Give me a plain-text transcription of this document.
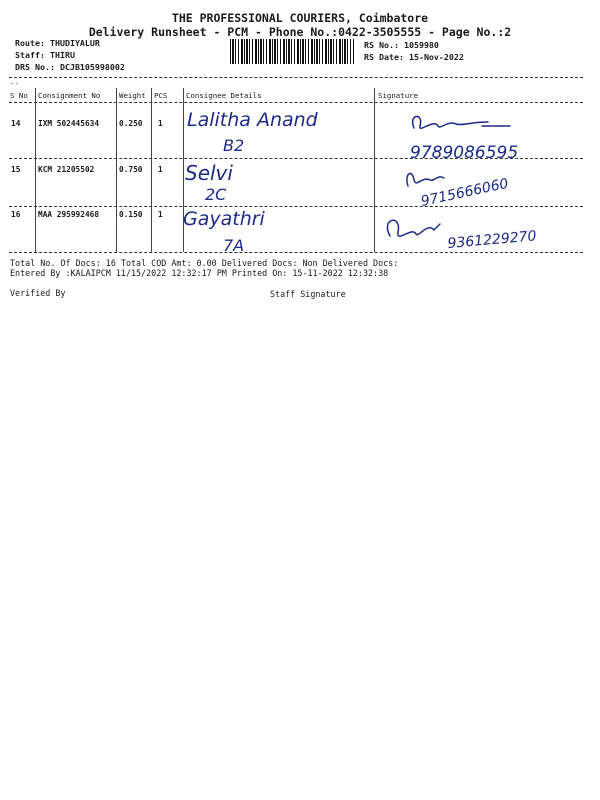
THE PROFESSIONAL COURIERS, Coimbatore
Delivery Runsheet - PCM - Phone No.:0422-3505555 - Page No.:2
Route: THUDIYALUR
Staff: THIRU
DRS No.: DCJB105998002
RS No.: 1059980
RS Date: 15-Nov-2022
--
S No Consignment No	Weight PCS	Consignee Details	Signature
14 IXM 502445634	0.250 1 Lalitha Anand
B2	9789086595
15 KCM 21205502	0.750 1 Selvi
2C	9715666060
16 MAA 295992468	0.150 1 Gayathri
7A	9361229270
Total No. Of Docs: 16 Total COD Amt: 0.00 Delivered Docs: Non Delivered Docs:
Entered By :KALAIPCM 11/15/2022 12:32:17 PM Printed On: 15-11-2022 12:32:38
Verified By	Staff Signature
